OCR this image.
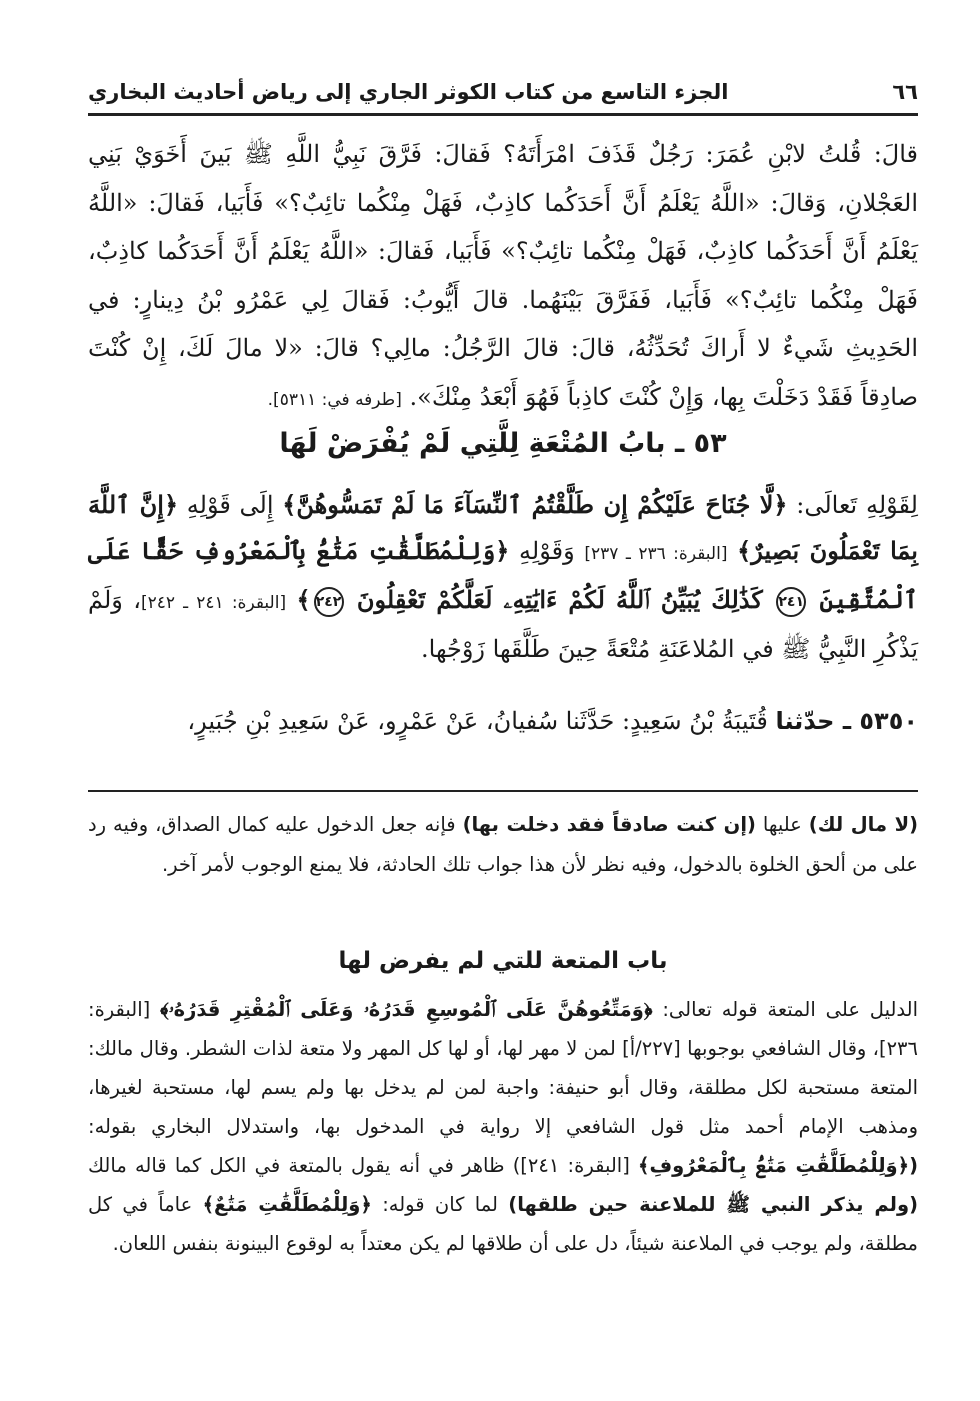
٦٦
الجزء التاسع من كتاب الكوثر الجاري إلى رياض أحاديث البخاري

قالَ: قُلتُ لابْنِ عُمَرَ: رَجُلٌ قَذَفَ امْرَأَتَهُ؟ فَقالَ: فَرَّقَ نَبِيُّ اللَّهِ ﷺ بَينَ أَخَوَيْ بَنِي العَجْلانِ، وَقالَ: «اللَّهُ يَعْلَمُ أَنَّ أَحَدَكُما كاذِبٌ، فَهَلْ مِنْكُما تائِبٌ؟» فَأَبَيا، فَقالَ: «اللَّهُ يَعْلَمُ أَنَّ أَحَدَكُما كاذِبٌ، فَهَلْ مِنْكُما تائِبٌ؟» فَأَبَيا، فَقالَ: «اللَّهُ يَعْلَمُ أَنَّ أَحَدَكُما كاذِبٌ، فَهَلْ مِنْكُما تائِبٌ؟» فَأَبَيا، فَفَرَّقَ بَيْنَهُما. قالَ أَيُّوبُ: فَقالَ لِي عَمْرُو بْنُ دِينارٍ: في الحَدِيثِ شَيءٌ لا أَراكَ تُحَدِّثُهُ، قالَ: قالَ الرَّجُلُ: مالِي؟ قالَ: «لا مالَ لَكَ، إِنْ كُنْتَ صادِقاً فَقَدْ دَخَلْتَ بِها، وَإِنْ كُنْتَ كاذِباً فَهُوَ أَبْعَدُ مِنْكَ». [طرفه في: ٥٣١١].

٥٣ ـ بابُ المُتْعَةِ لِلَّتِي لَمْ يُفْرَضْ لَهَا

لِقَوْلِهِ تَعالَى: ﴿لَّا جُنَاحَ عَلَيْكُمْ إِن طَلَّقْتُمُ ٱلنِّسَآءَ مَا لَمْ تَمَسُّوهُنَّ﴾ إِلَى قَوْلِهِ ﴿إِنَّ ٱللَّهَ بِمَا تَعْمَلُونَ بَصِيرٌ﴾ [البقرة: ٢٣٦ ـ ٢٣٧] وَقَوْلِهِ ﴿وَلِلْمُطَلَّقَٰتِ مَتَٰعُۢ بِٱلْمَعْرُوفِ حَقًّا عَلَى ٱلْمُتَّقِينَ ٢٤١ كَذَٰلِكَ يُبَيِّنُ ٱللَّهُ لَكُمْ ءَايَٰتِهِۦ لَعَلَّكُمْ تَعْقِلُونَ ٢٤٢﴾ [البقرة: ٢٤١ ـ ٢٤٢]، وَلَمْ يَذْكُرِ النَّبِيُّ ﷺ في المُلاعَنَةِ مُتْعَةً حِينَ طَلَّقَها زَوْجُها.

٥٣٥٠ ـ حدّثنا قُتَيبَةُ بْنُ سَعِيدٍ: حَدَّثَنا سُفيانُ، عَنْ عَمْرٍو، عَنْ سَعِيدِ بْنِ جُبَيرٍ،

(لا مال لك) عليها (إن كنت صادقاً فقد دخلت بها) فإنه جعل الدخول عليه كمال الصداق، وفيه رد على من ألحق الخلوة بالدخول، وفيه نظر لأن هذا جواب تلك الحادثة، فلا يمنع الوجوب لأمر آخر.

باب المتعة للتي لم يفرض لها

الدليل على المتعة قوله تعالى: ﴿وَمَتِّعُوهُنَّ عَلَى ٱلْمُوسِعِ قَدَرُهُۥ وَعَلَى ٱلْمُقْتِرِ قَدَرُهُۥ﴾ [البقرة: ٢٣٦]، وقال الشافعي بوجوبها [٢٢٧/أ] لمن لا مهر لها، أو لها كل المهر ولا متعة لذات الشطر. وقال مالك: المتعة مستحبة لكل مطلقة، وقال أبو حنيفة: واجبة لمن لم يدخل بها ولم يسم لها، مستحبة لغيرها، ومذهب الإمام أحمد مثل قول الشافعي إلا رواية في المدخول بها، واستدلال البخاري بقوله: (﴿وَلِلْمُطَلَّقَٰتِ مَتَٰعُۢ بِٱلْمَعْرُوفِ﴾ [البقرة: ٢٤١]) ظاهر في أنه يقول بالمتعة في الكل كما قاله مالك (ولم يذكر النبي ﷺ للملاعنة حين طلقها) لما كان قوله: ﴿وَلِلْمُطَلَّقَٰتِ مَتَٰعٌ﴾ عاماً في كل مطلقة، ولم يوجب في الملاعنة شيئاً، دل على أن طلاقها لم يكن معتداً به لوقوع البينونة بنفس اللعان.
